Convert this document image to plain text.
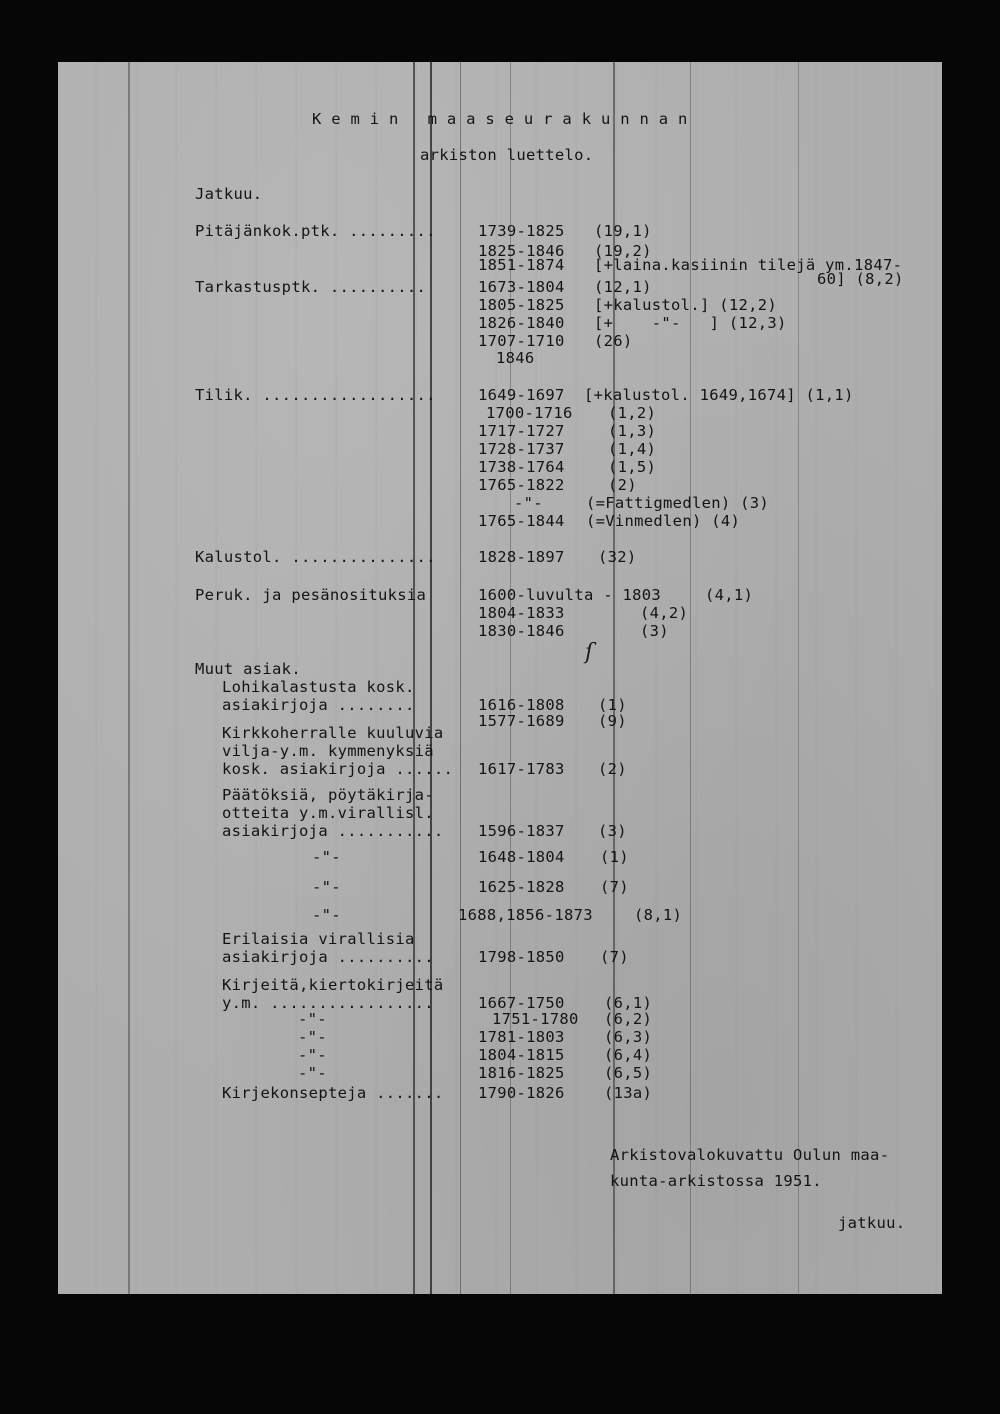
K e m i n   m a a s e u r a k u n n a n
arkiston luettelo.
Jatkuu.
Pitäjänkok.ptk. .........	1739-1825 (19,1)
1825-1846 (19,2)
1851-1874 [+laina.kasiinin tilejä ym.1847-
60] (8,2)
Tarkastusptk. ..........	1673-1804 (12,1)
1805-1825 [+kalustol.] (12,2)
1826-1840 [+    -"-   ] (12,3)
1707-1710 (26)
1846
Tilik. ..................	1649-1697 [+kalustol. 1649,1674] (1,1)
1700-1716 (1,2)
1717-1727	(1,3)
1728-1737	(1,4)
1738-1764	(1,5)
1765-1822	(2)
-"-	(=Fattigmedlen) (3)
1765-1844 (=Vinmedlen) (4)
Kalustol. ...............	1828-1897 (32)
Peruk. ja pesänosituksia	1600-luvulta - 1803	(4,1)
1804-1833	(4,2)
1830-1846	(3)
ſ
Muut asiak.
Lohikalastusta kosk.
asiakirjoja ........	1616-1808 (1)
1577-1689 (9)
Kirkkoherralle kuuluvia
vilja-y.m. kymmenyksiä
kosk. asiakirjoja ...... 1617-1783 (2)
Päätöksiä, pöytäkirja-
otteita y.m.virallisl.
asiakirjoja ........... 1596-1837 (3)
-"-	1648-1804 (1)
-"-	1625-1828 (7)
-"-	1688,1856-1873	(8,1)
Erilaisia virallisia
asiakirjoja ..........	1798-1850 (7)
Kirjeitä,kiertokirjeitä
y.m. .................	1667-1750	(6,1)
-"-	1751-1780 (6,2)
-"-	1781-1803	(6,3)
-"-	1804-1815	(6,4)
-"-	1816-1825	(6,5)
Kirjekonsepteja ....... 1790-1826	(13a)
Arkistovalokuvattu Oulun maa-
kunta-arkistossa 1951.
jatkuu.
